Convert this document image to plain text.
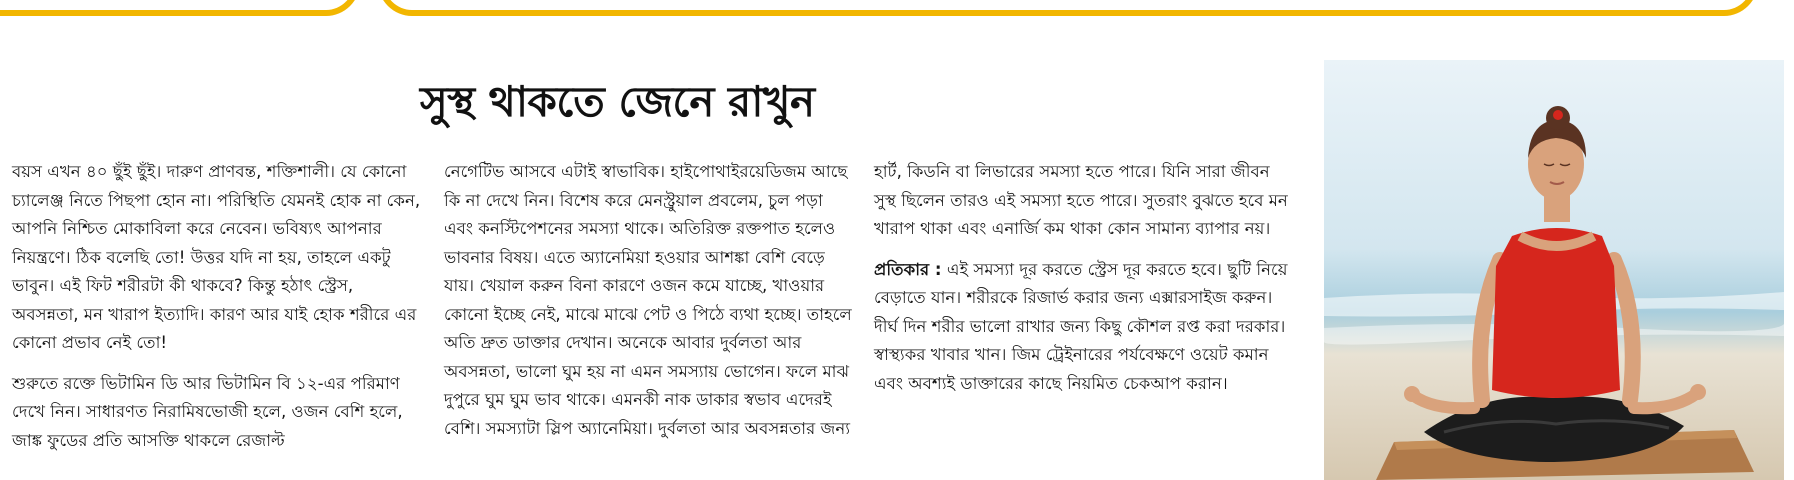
সুস্থ থাকতে জেনে রাখুন

বয়স এখন ৪০ ছুঁই ছুঁই। দারুণ প্রাণবন্ত, শক্তিশালী। যে কোনো চ্যালেঞ্জ নিতে পিছপা হোন না। পরিস্থিতি যেমনই হোক না কেন, আপনি নিশ্চিত মোকাবিলা করে নেবেন। ভবিষ্যৎ আপনার নিয়ন্ত্রণে। ঠিক বলেছি তো! উত্তর যদি না হয়, তাহলে একটু ভাবুন। এই ফিট শরীরটা কী থাকবে? কিন্তু হঠাৎ স্ট্রেস, অবসন্নতা, মন খারাপ ইত্যাদি। কারণ আর যাই হোক শরীরে এর কোনো প্রভাব নেই তো!

শুরুতে রক্তে ভিটামিন ডি আর ভিটামিন বি ১২-এর পরিমাণ দেখে নিন। সাধারণত নিরামিষভোজী হলে, ওজন বেশি হলে, জাঙ্ক ফুডের প্রতি আসক্তি থাকলে রেজাল্ট

নেগেটিভ আসবে এটাই স্বাভাবিক। হাইপোথাইরয়েডিজম আছে কি না দেখে নিন। বিশেষ করে মেনস্ট্রুয়াল প্রবলেম, চুল পড়া এবং কনস্টিপেশনের সমস্যা থাকে। অতিরিক্ত রক্তপাত হলেও ভাবনার বিষয়। এতে অ্যানেমিয়া হওয়ার আশঙ্কা বেশি বেড়ে যায়। খেয়াল করুন বিনা কারণে ওজন কমে যাচ্ছে, খাওয়ার কোনো ইচ্ছে নেই, মাঝে মাঝে পেট ও পিঠে ব্যথা হচ্ছে। তাহলে অতি দ্রুত ডাক্তার দেখান। অনেকে আবার দুর্বলতা আর অবসন্নতা, ভালো ঘুম হয় না এমন সমস্যায় ভোগেন। ফলে মাঝ দুপুরে ঘুম ঘুম ভাব থাকে। এমনকী নাক ডাকার স্বভাব এদেরই বেশি। সমস্যাটা স্লিপ অ্যানেমিয়া। দুর্বলতা আর অবসন্নতার জন্য

হার্ট, কিডনি বা লিভারের সমস্যা হতে পারে। যিনি সারা জীবন সুস্থ ছিলেন তারও এই সমস্যা হতে পারে। সুতরাং বুঝতে হবে মন খারাপ থাকা এবং এনার্জি কম থাকা কোন সামান্য ব্যাপার নয়।

প্রতিকার : এই সমস্যা দূর করতে স্ট্রেস দূর করতে হবে। ছুটি নিয়ে বেড়াতে যান। শরীরকে রিজার্ভ করার জন্য এক্সারসাইজ করুন। দীর্ঘ দিন শরীর ভালো রাখার জন্য কিছু কৌশল রপ্ত করা দরকার। স্বাস্থ্যকর খাবার খান। জিম ট্রেইনারের পর্যবেক্ষণে ওয়েট কমান এবং অবশ্যই ডাক্তারের কাছে নিয়মিত চেকআপ করান।
